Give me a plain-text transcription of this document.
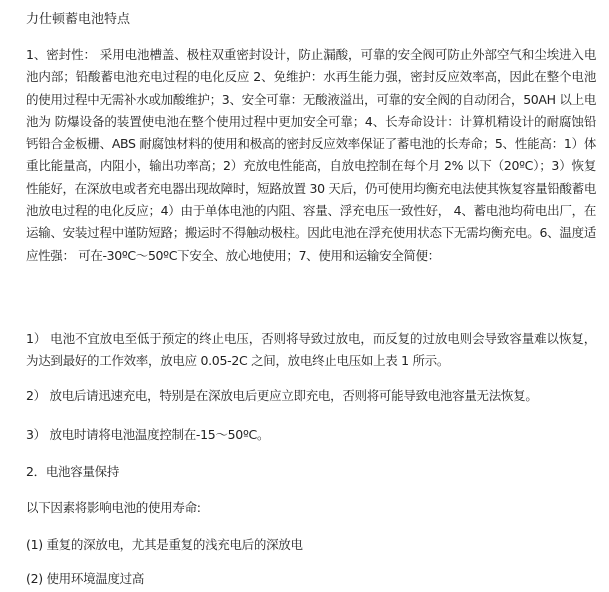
力仕顿蓄电池特点

1、密封性： 采用电池槽盖、极柱双重密封设计，防止漏酸，可靠的安全阀可防止外部空气和尘埃进入电池内部；铅酸蓄电池充电过程的电化反应 2、免维护：水再生能力强，密封反应效率高，因此在整个电池的使用过程中无需补水或加酸维护；3、安全可靠：无酸液溢出，可靠的安全阀的自动闭合，50AH 以上电池为 防爆设备的装置使电池在整个使用过程中更加安全可靠；4、长寿命设计：计算机精设计的耐腐蚀铅钙铅合金板栅、ABS 耐腐蚀材料的使用和极高的密封反应效率保证了蓄电池的长寿命；5、性能高：1）体重比能量高，内阻小，输出功率高；2）充放电性能高，自放电控制在每个月 2% 以下（20ºC）；3）恢复性能好，在深放电或者充电器出现故障时，短路放置 30 天后，仍可使用均衡充电法使其恢复容量铅酸蓄电池放电过程的电化反应；4）由于单体电池的内阻、容量、浮充电压一致性好， 4、蓄电池均荷电出厂，在运输、安装过程中谨防短路；搬运时不得触动极柱。因此电池在浮充使用状态下无需均衡充电。6、温度适应性强： 可在-30ºC～50ºC下安全、放心地使用；7、使用和运输安全简便：

1） 电池不宜放电至低于预定的终止电压，否则将导致过放电，而反复的过放电则会导致容量难以恢复，为达到最好的工作效率，放电应 0.05-2C 之间，放电终止电压如上表 1 所示。

2） 放电后请迅速充电，特别是在深放电后更应立即充电，否则将可能导致电池容量无法恢复。

3） 放电时请将电池温度控制在-15～50ºC。

2．电池容量保持

以下因素将影响电池的使用寿命:

(1) 重复的深放电，尤其是重复的浅充电后的深放电

(2) 使用环境温度过高
